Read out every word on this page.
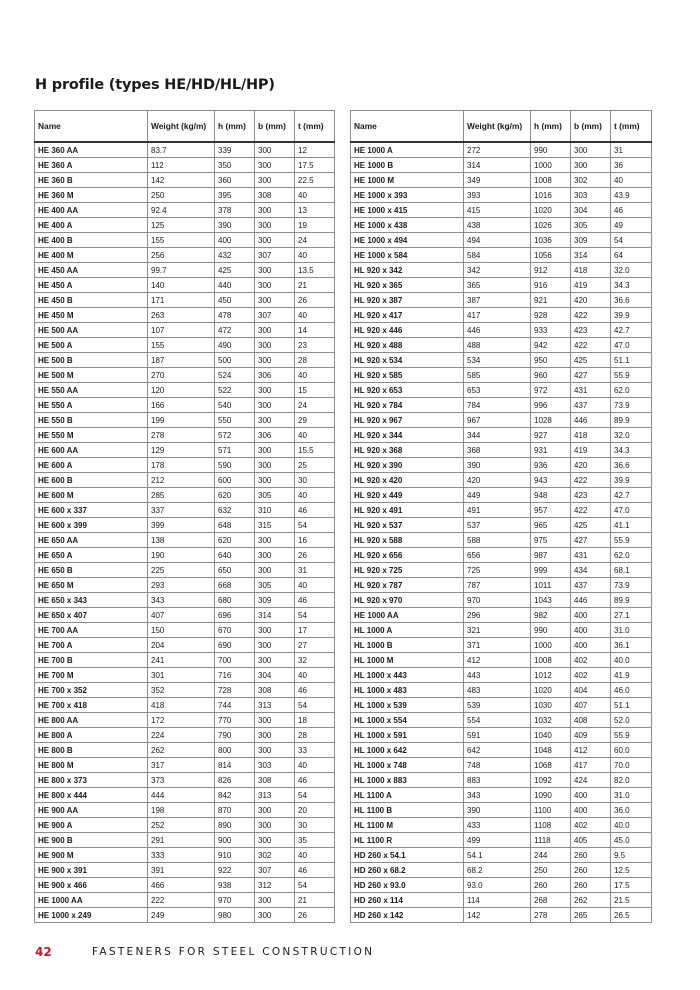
H profile (types HE/HD/HL/HP)
Name	Weight (kg/m)	h (mm)	b (mm)	t (mm)
HE 360 AA	83.7	339	300	12
HE 360 A	112	350	300	17.5
HE 360 B	142	360	300	22.5
HE 360 M	250	395	308	40
HE 400 AA	92.4	378	300	13
HE 400 A	125	390	300	19
HE 400 B	155	400	300	24
HE 400 M	256	432	307	40
HE 450 AA	99.7	425	300	13.5
HE 450 A	140	440	300	21
HE 450 B	171	450	300	26
HE 450 M	263	478	307	40
HE 500 AA	107	472	300	14
HE 500 A	155	490	300	23
HE 500 B	187	500	300	28
HE 500 M	270	524	306	40
HE 550 AA	120	522	300	15
HE 550 A	166	540	300	24
HE 550 B	199	550	300	29
HE 550 M	278	572	306	40
HE 600 AA	129	571	300	15.5
HE 600 A	178	590	300	25
HE 600 B	212	600	300	30
HE 600 M	285	620	305	40
HE 600 x 337	337	632	310	46
HE 600 x 399	399	648	315	54
HE 650 AA	138	620	300	16
HE 650 A	190	640	300	26
HE 650 B	225	650	300	31
HE 650 M	293	668	305	40
HE 650 x 343	343	680	309	46
HE 650 x 407	407	696	314	54
HE 700 AA	150	670	300	17
HE 700 A	204	690	300	27
HE 700 B	241	700	300	32
HE 700 M	301	716	304	40
HE 700 x 352	352	728	308	46
HE 700 x 418	418	744	313	54
HE 800 AA	172	770	300	18
HE 800 A	224	790	300	28
HE 800 B	262	800	300	33
HE 800 M	317	814	303	40
HE 800 x 373	373	826	308	46
HE 800 x 444	444	842	313	54
HE 900 AA	198	870	300	20
HE 900 A	252	890	300	30
HE 900 B	291	900	300	35
HE 900 M	333	910	302	40
HE 900 x 391	391	922	307	46
HE 900 x 466	466	938	312	54
HE 1000 AA	222	970	300	21
HE 1000 x 249	249	980	300	26
Name	Weight (kg/m)	h (mm)	b (mm)	t (mm)
HE 1000 A	272	990	300	31
HE 1000 B	314	1000	300	36
HE 1000 M	349	1008	302	40
HE 1000 x 393	393	1016	303	43.9
HE 1000 x 415	415	1020	304	46
HE 1000 x 438	438	1026	305	49
HE 1000 x 494	494	1036	309	54
HE 1000 x 584	584	1056	314	64
HL 920 x 342	342	912	418	32.0
HL 920 x 365	365	916	419	34.3
HL 920 x 387	387	921	420	36.6
HL 920 x 417	417	928	422	39.9
HL 920 x 446	446	933	423	42.7
HL 920 x 488	488	942	422	47.0
HL 920 x 534	534	950	425	51.1
HL 920 x 585	585	960	427	55.9
HL 920 x 653	653	972	431	62.0
HL 920 x 784	784	996	437	73.9
HL 920 x 967	967	1028	446	89.9
HL 920 x 344	344	927	418	32.0
HL 920 x 368	368	931	419	34.3
HL 920 x 390	390	936	420	36.6
HL 920 x 420	420	943	422	39.9
HL 920 x 449	449	948	423	42.7
HL 920 x 491	491	957	422	47.0
HL 920 x 537	537	965	425	41.1
HL 920 x 588	588	975	427	55.9
HL 920 x 656	656	987	431	62.0
HL 920 x 725	725	999	434	68.1
HL 920 x 787	787	1011	437	73.9
HL 920 x 970	970	1043	446	89.9
HE 1000 AA	296	982	400	27.1
HL 1000 A	321	990	400	31.0
HL 1000 B	371	1000	400	36.1
HL 1000 M	412	1008	402	40.0
HL 1000 x 443	443	1012	402	41.9
HL 1000 x 483	483	1020	404	46.0
HL 1000 x 539	539	1030	407	51.1
HL 1000 x 554	554	1032	408	52.0
HL 1000 x 591	591	1040	409	55.9
HL 1000 x 642	642	1048	412	60.0
HL 1000 x 748	748	1068	417	70.0
HL 1000 x 883	883	1092	424	82.0
HL 1100 A	343	1090	400	31.0
HL 1100 B	390	1100	400	36.0
HL 1100 M	433	1108	402	40.0
HL 1100 R	499	1118	405	45.0
HD 260 x 54.1	54.1	244	260	9.5
HD 260 x 68.2	68.2	250	260	12.5
HD 260 x 93.0	93.0	260	260	17.5
HD 260 x 114	114	268	262	21.5
HD 260 x 142	142	278	265	26.5
42	FASTENERS FOR STEEL CONSTRUCTION
